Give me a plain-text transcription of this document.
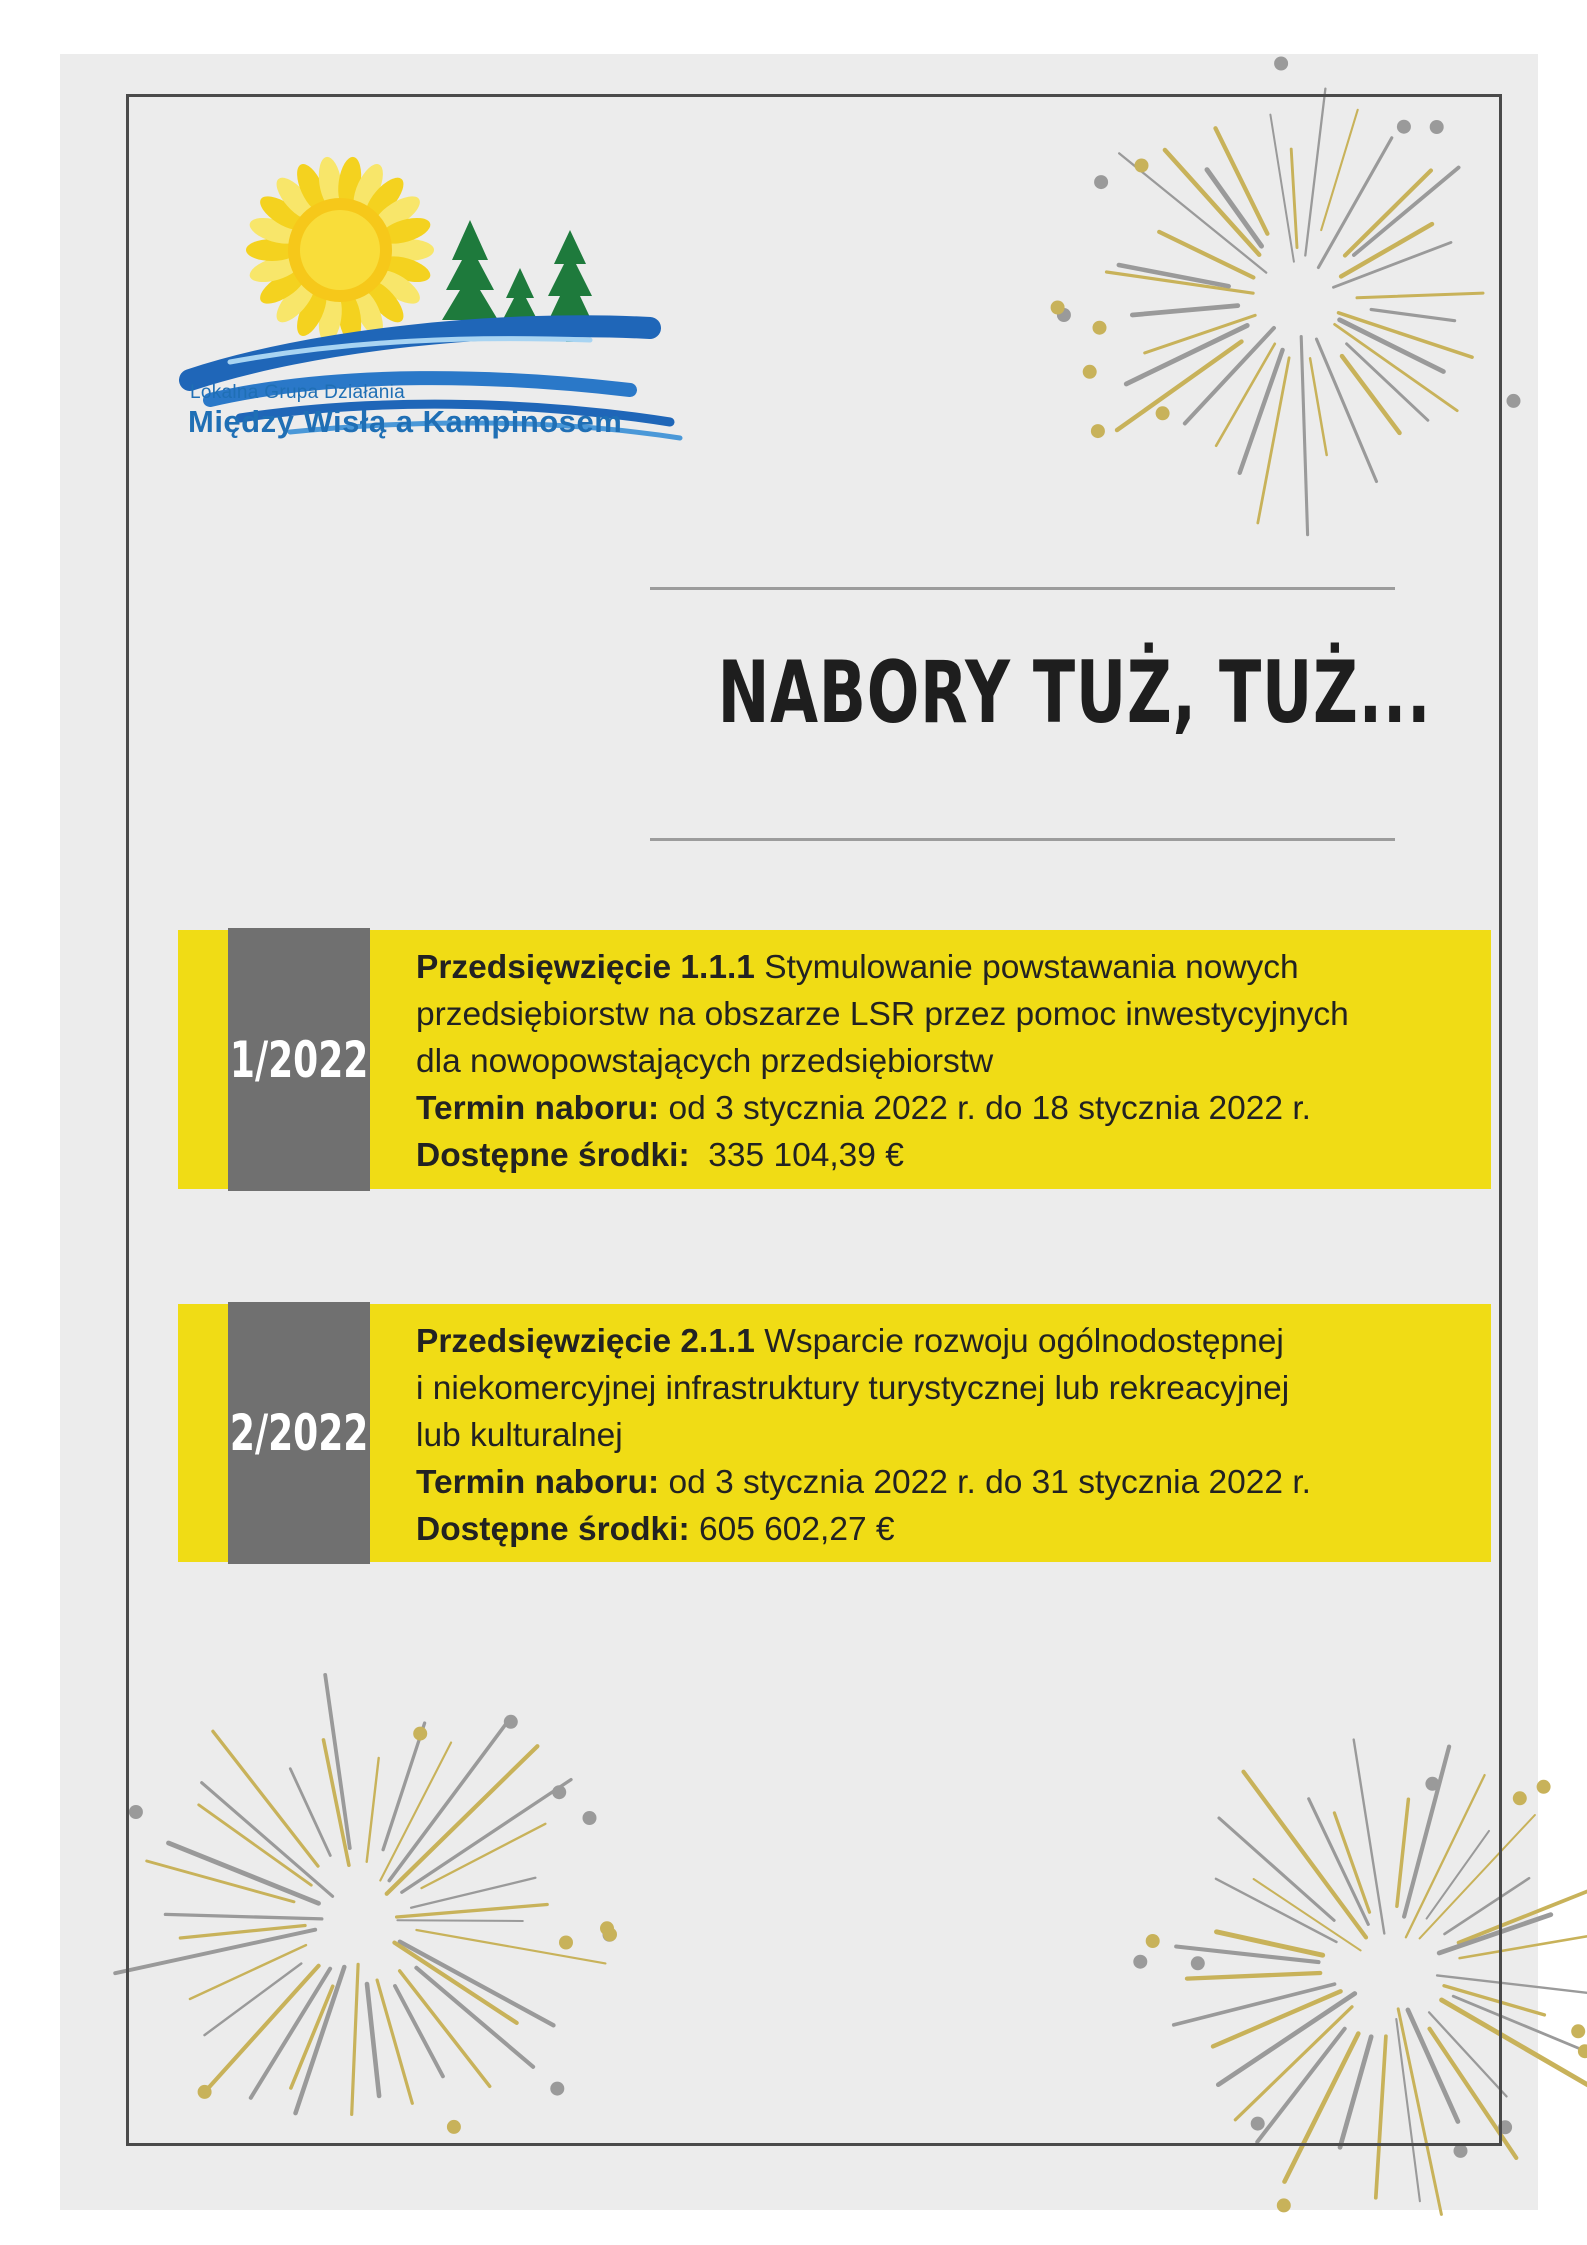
Lokalna Grupa Działania
Między Wisłą a Kampinosem
NABORY TUŻ, TUŻ...
1/2022

Przedsięwzięcie 1.1.1 Stymulowanie powstawania nowych

przedsiębiorstw na obszarze LSR przez pomoc inwestycyjnych

dla nowopowstających przedsiębiorstw

Termin naboru: od 3 stycznia 2022 r. do 18 stycznia 2022 r.

Dostępne środki: 335 104,39 €

2/2022

Przedsięwzięcie 2.1.1 Wsparcie rozwoju ogólnodostępnej

i niekomercyjnej infrastruktury turystycznej lub rekreacyjnej

lub kulturalnej

Termin naboru: od 3 stycznia 2022 r. do 31 stycznia 2022 r.

Dostępne środki: 605 602,27 €
